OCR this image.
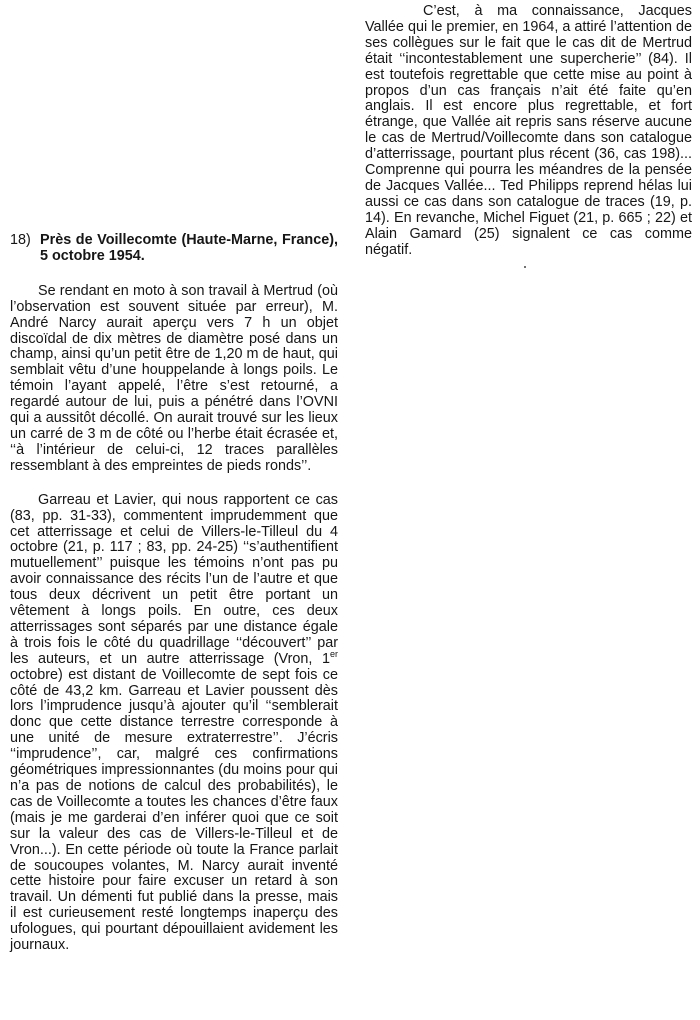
C’est, à ma connaissance, Jacques Vallée qui le premier, en 1964, a attiré l’attention de ses collègues sur le fait que le cas dit de Mertrud était ‘‘incontestablement une supercherie’’ (84). Il est toutefois regrettable que cette mise au point à propos d’un cas français n’ait été faite qu’en anglais. Il est encore plus regrettable, et fort étrange, que Vallée ait repris sans réserve aucune le cas de Mertrud/Voillecomte dans son catalogue d’atterrissage, pourtant plus récent (36, cas 198)... Comprenne qui pourra les méandres de la pensée de Jacques Vallée... Ted Philipps reprend hélas lui aussi ce cas dans son catalogue de traces (19, p. 14). En revanche, Michel Figuet (21, p. 665 ; 22) et Alain Gamard (25) signalent ce cas comme négatif.

18) Près de Voillecomte (Haute-Marne, France), 5 octobre 1954.

Se rendant en moto à son travail à Mertrud (où l’observation est souvent située par erreur), M. André Narcy aurait aperçu vers 7 h un objet discoïdal de dix mètres de diamètre posé dans un champ, ainsi qu’un petit être de 1,20 m de haut, qui semblait vêtu d’une houppelande à longs poils. Le témoin l’ayant appelé, l’être s’est retourné, a regardé autour de lui, puis a pénétré dans l’OVNI qui a aussitôt décollé. On aurait trouvé sur les lieux un carré de 3 m de côté ou l’herbe était écrasée et, ‘‘à l’intérieur de celui-ci, 12 traces parallèles ressemblant à des empreintes de pieds ronds’’.

Garreau et Lavier, qui nous rapportent ce cas (83, pp. 31-33), commentent imprudemment que cet atterrissage et celui de Villers-le-Tilleul du 4 octobre (21, p. 117 ; 83, pp. 24-25) ‘‘s’authentifient mutuellement’’ puisque les témoins n’ont pas pu avoir connaissance des récits l’un de l’autre et que tous deux décrivent un petit être portant un vêtement à longs poils. En outre, ces deux atterrissages sont séparés par une distance égale à trois fois le côté du quadrillage ‘‘découvert’’ par les auteurs, et un autre atterrissage (Vron, 1er octobre) est distant de Voillecomte de sept fois ce côté de 43,2 km. Garreau et Lavier poussent dès lors l’imprudence jusqu’à ajouter qu’il ‘‘semblerait donc que cette distance terrestre corresponde à une unité de mesure extraterrestre’’. J’écris ‘‘imprudence’’, car, malgré ces confirmations géométriques impressionnantes (du moins pour qui n’a pas de notions de calcul des probabilités), le cas de Voillecomte a toutes les chances d’être faux (mais je me garderai d’en inférer quoi que ce soit sur la valeur des cas de Villers-le-Tilleul et de Vron...). En cette période où toute la France parlait de soucoupes volantes, M. Narcy aurait inventé cette histoire pour faire excuser un retard à son travail. Un démenti fut publié dans la presse, mais il est curieusement resté longtemps inaperçu des ufologues, qui pourtant dépouillaient avidement les journaux.
